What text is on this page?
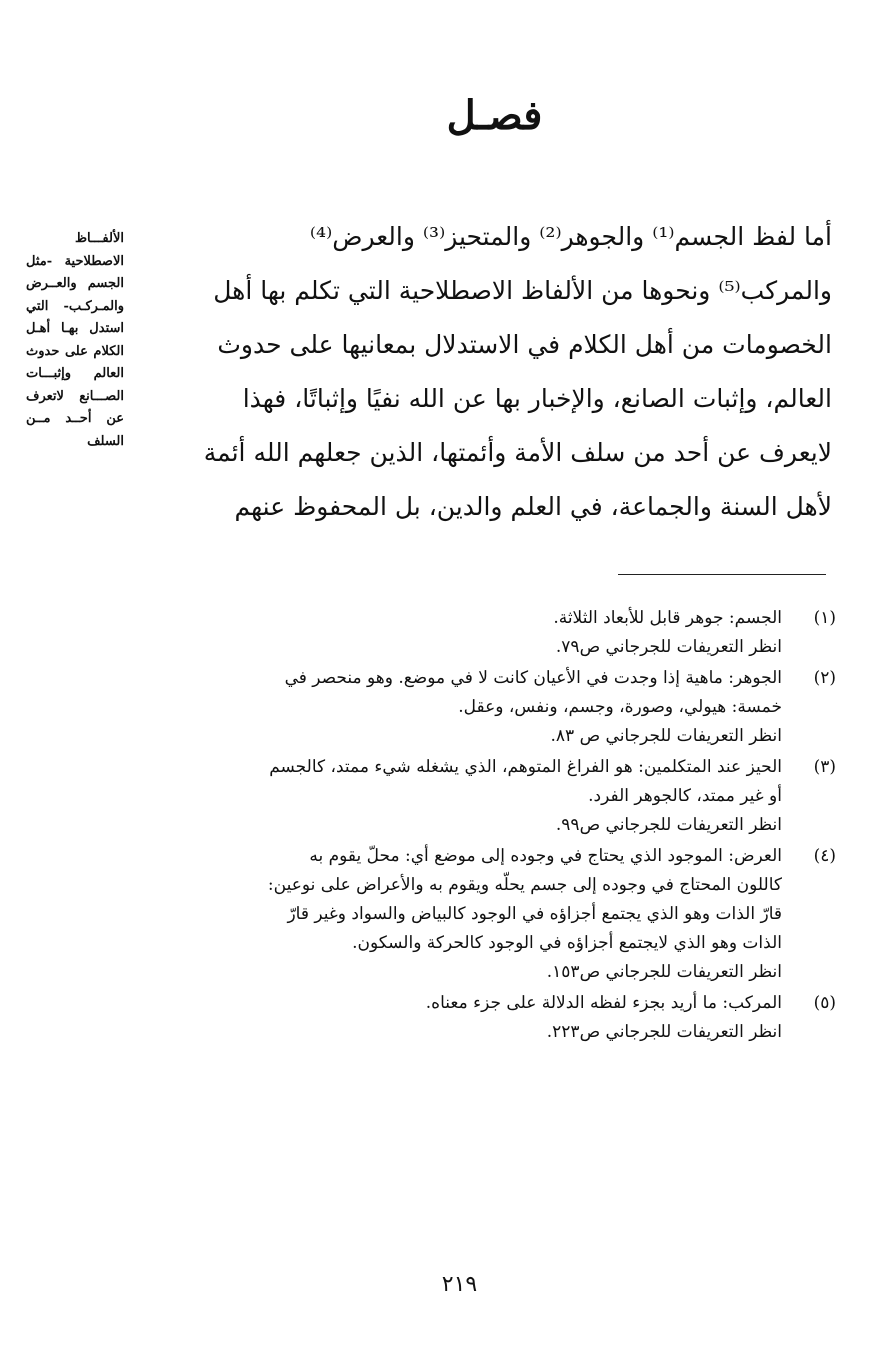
فصـل
أما لفظ الجسم⁽¹⁾ والجوهر⁽²⁾ والمتحيز⁽³⁾ والعرض⁽⁴⁾
والمركب⁽⁵⁾ ونحوها من الألفاظ الاصطلاحية التي تكلم بها أهل
الخصومات من أهل الكلام في الاستدلال بمعانيها على حدوث
العالم، وإثبات الصانع، والإخبار بها عن الله نفيًا وإثباتًا، فهذا
لايعرف عن أحد من سلف الأمة وأئمتها، الذين جعلهم الله أئمة
لأهل السنة والجماعة، في العلم والدين، بل المحفوظ عنهم
الألفـــاظ الاصطلاحية -مثل الجسم والعــرض والمـركـب- التي استدل بهـا أهـل الكلام على حدوث العالم وإثبـــات الصـــانع لاتعرف عن أحــد مــن السلف
(١)
الجسم: جوهر قابل للأبعاد الثلاثة.
انظر التعريفات للجرجاني ص٧٩.
(٢)
الجوهر: ماهية إذا وجدت في الأعيان كانت لا في موضع. وهو منحصر في
خمسة: هيولي، وصورة، وجسم، ونفس، وعقل.
انظر التعريفات للجرجاني ص ٨٣.
(٣)
الحيز عند المتكلمين: هو الفراغ المتوهم، الذي يشغله شيء ممتد، كالجسم
أو غير ممتد، كالجوهر الفرد.
انظر التعريفات للجرجاني ص٩٩.
(٤)
العرض: الموجود الذي يحتاج في وجوده إلى موضع أي: محلّ يقوم به
كاللون المحتاج في وجوده إلى جسم يحلّه ويقوم به والأعراض على نوعين:
قارّ الذات وهو الذي يجتمع أجزاؤه في الوجود كالبياض والسواد وغير قارّ
الذات وهو الذي لايجتمع أجزاؤه في الوجود كالحركة والسكون.
انظر التعريفات للجرجاني ص١٥٣.
(٥)
المركب: ما أريد بجزء لفظه الدلالة على جزء معناه.
انظر التعريفات للجرجاني ص٢٢٣.
٢١٩
